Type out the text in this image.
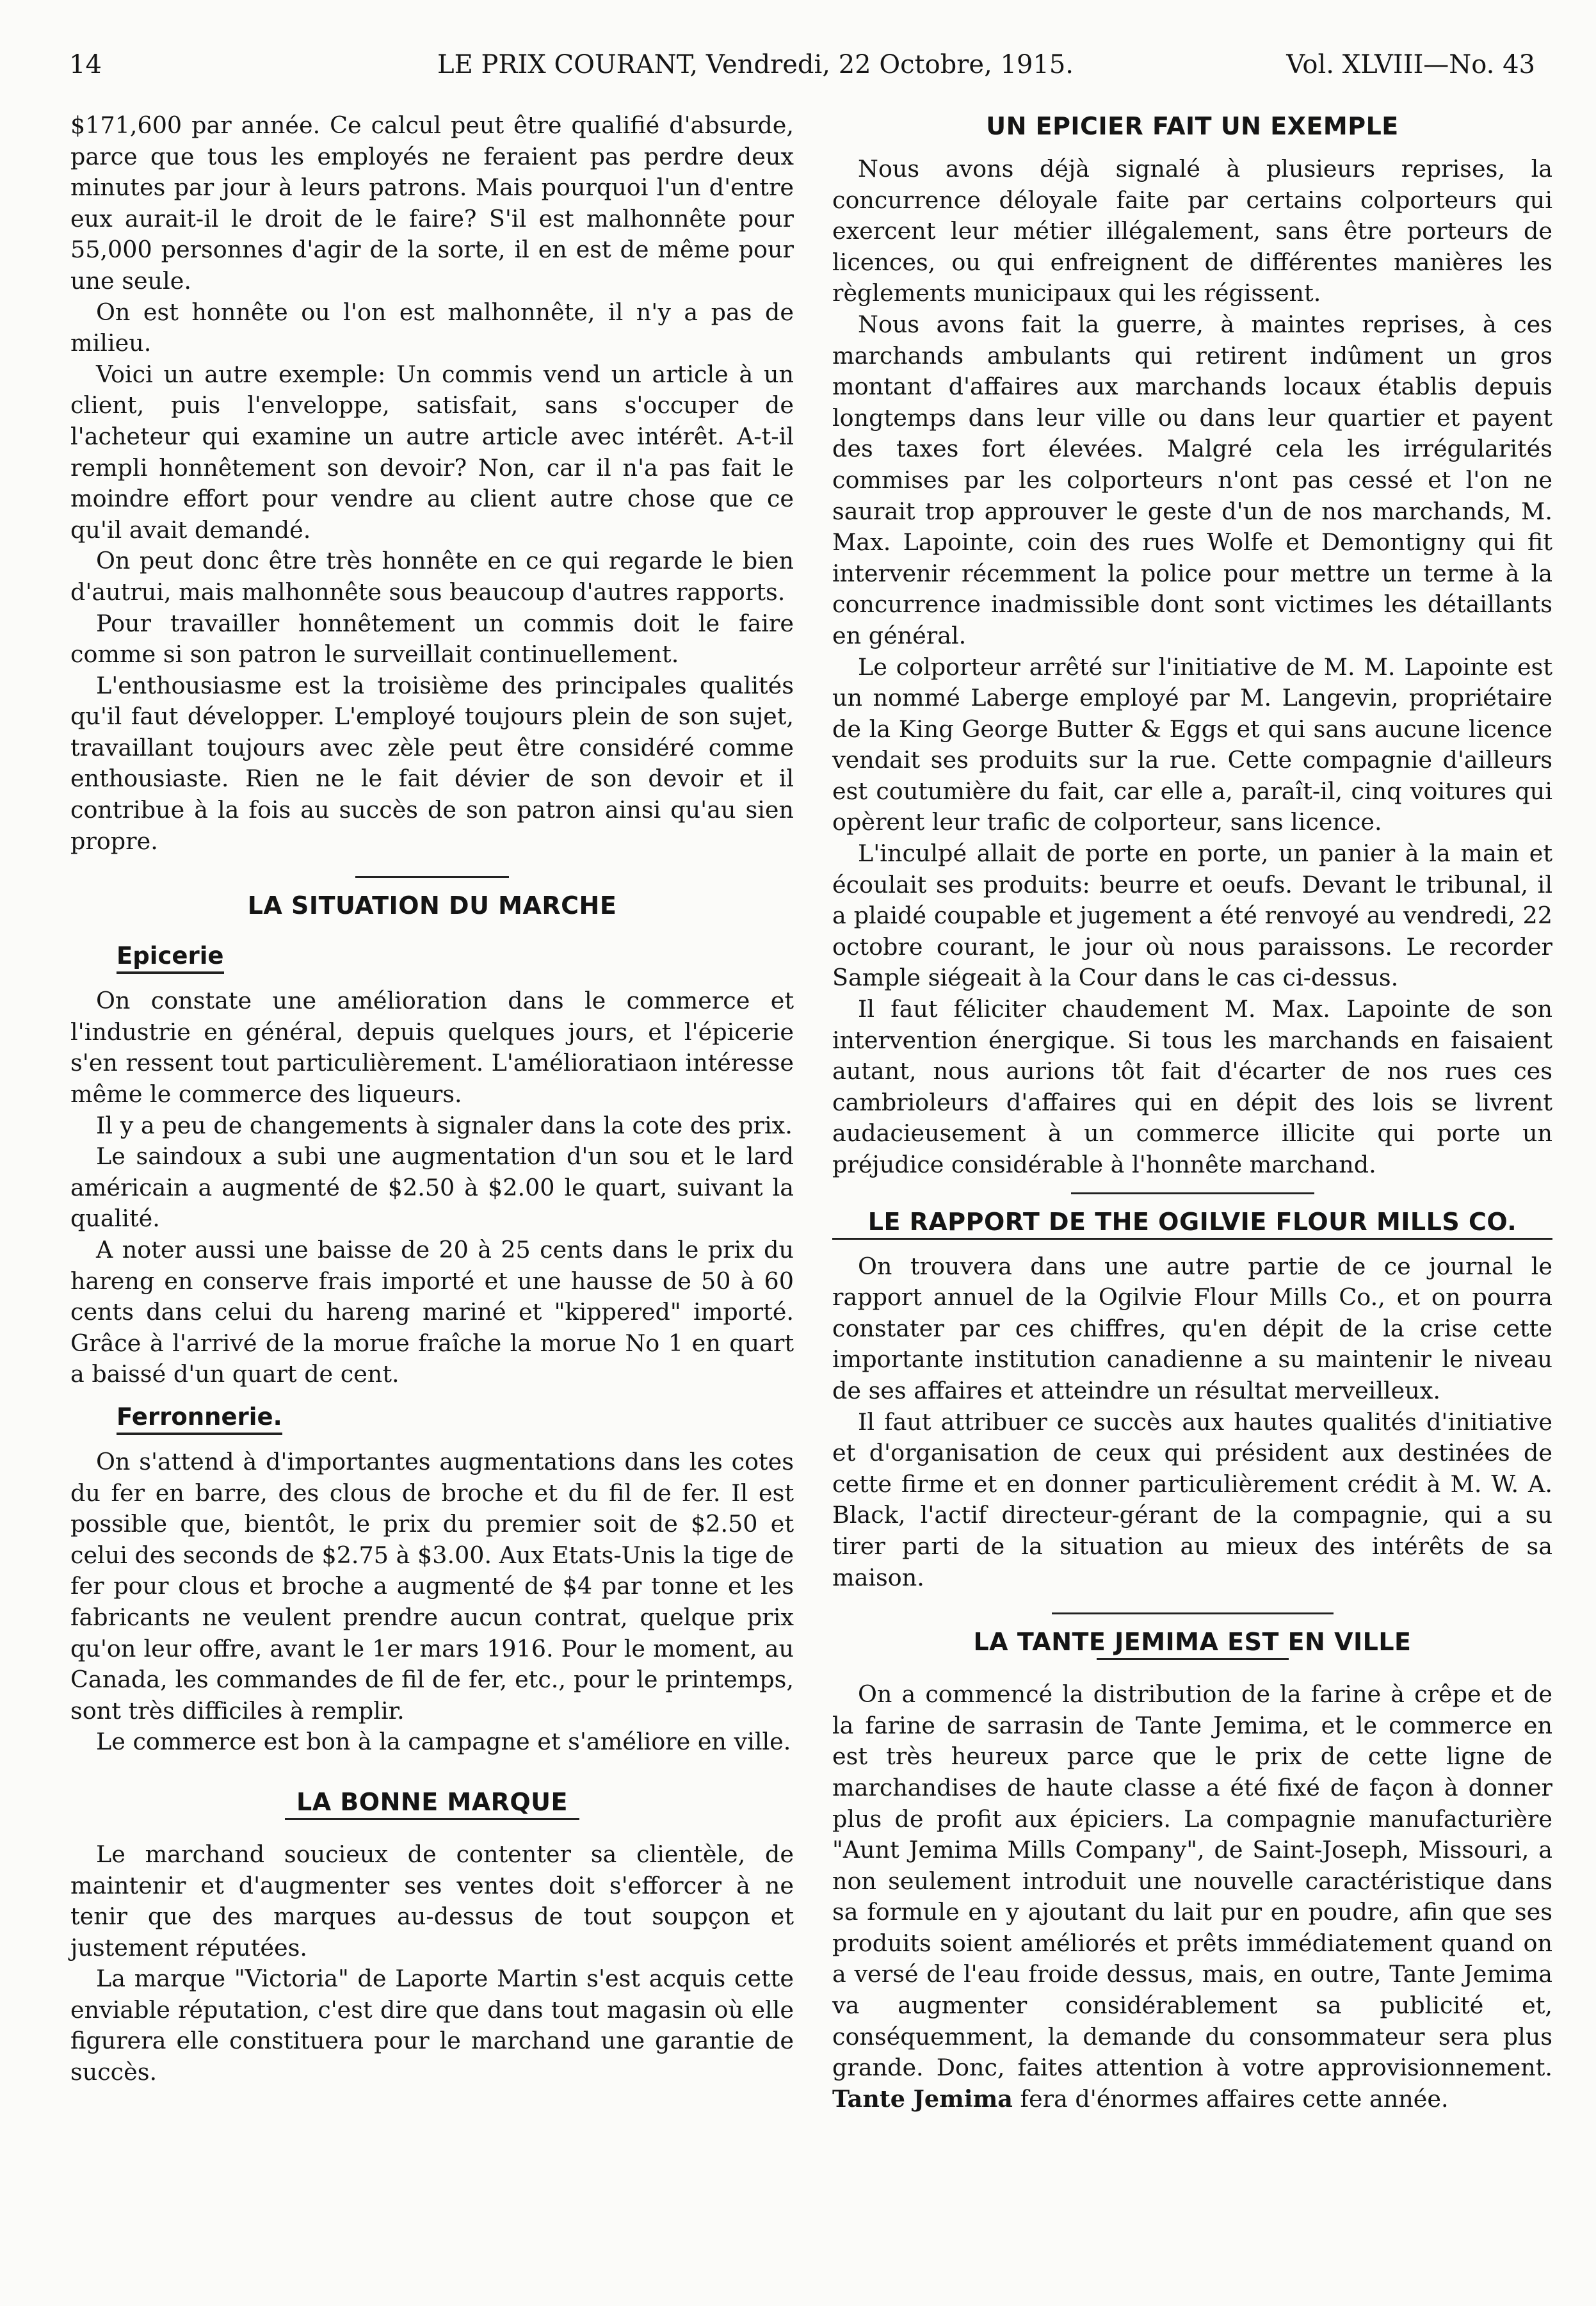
14	LE PRIX COURANT, Vendredi, 22 Octobre, 1915.	Vol. XLVIII—No. 43

$171,600 par année. Ce calcul peut être qualifié d'absurde, parce que tous les employés ne feraient pas perdre deux minutes par jour à leurs patrons. Mais pourquoi l'un d'entre eux aurait-il le droit de le faire? S'il est malhonnête pour 55,000 personnes d'agir de la sorte, il en est de même pour une seule.

On est honnête ou l'on est malhonnête, il n'y a pas de milieu.

Voici un autre exemple: Un commis vend un article à un client, puis l'enveloppe, satisfait, sans s'occuper de l'acheteur qui examine un autre article avec intérêt. A-t-il rempli honnêtement son devoir? Non, car il n'a pas fait le moindre effort pour vendre au client autre chose que ce qu'il avait demandé.

On peut donc être très honnête en ce qui regarde le bien d'autrui, mais malhonnête sous beaucoup d'autres rapports.

Pour travailler honnêtement un commis doit le faire comme si son patron le surveillait continuellement.

L'enthousiasme est la troisième des principales qualités qu'il faut développer. L'employé toujours plein de son sujet, travaillant toujours avec zèle peut être considéré comme enthousiaste. Rien ne le fait dévier de son devoir et il contribue à la fois au succès de son patron ainsi qu'au sien propre.

LA SITUATION DU MARCHE
Epicerie

On constate une amélioration dans le commerce et l'industrie en général, depuis quelques jours, et l'épicerie s'en ressent tout particulièrement. L'amélioratiaon intéresse même le commerce des liqueurs.

Il y a peu de changements à signaler dans la cote des prix.

Le saindoux a subi une augmentation d'un sou et le lard américain a augmenté de $2.50 à $2.00 le quart, suivant la qualité.

A noter aussi une baisse de 20 à 25 cents dans le prix du hareng en conserve frais importé et une hausse de 50 à 60 cents dans celui du hareng mariné et "kippered" importé. Grâce à l'arrivé de la morue fraîche la morue No 1 en quart a baissé d'un quart de cent.

Ferronnerie.

On s'attend à d'importantes augmentations dans les cotes du fer en barre, des clous de broche et du fil de fer. Il est possible que, bientôt, le prix du premier soit de $2.50 et celui des seconds de $2.75 à $3.00. Aux Etats-Unis la tige de fer pour clous et broche a augmenté de $4 par tonne et les fabricants ne veulent prendre aucun contrat, quelque prix qu'on leur offre, avant le 1er mars 1916. Pour le moment, au Canada, les commandes de fil de fer, etc., pour le printemps, sont très difficiles à remplir.

Le commerce est bon à la campagne et s'améliore en ville.

LA BONNE MARQUE

Le marchand soucieux de contenter sa clientèle, de maintenir et d'augmenter ses ventes doit s'efforcer à ne tenir que des marques au-dessus de tout soupçon et justement réputées.

La marque "Victoria" de Laporte Martin s'est acquis cette enviable réputation, c'est dire que dans tout magasin où elle figurera elle constituera pour le marchand une garantie de succès.

UN EPICIER FAIT UN EXEMPLE

Nous avons déjà signalé à plusieurs reprises, la concurrence déloyale faite par certains colporteurs qui exercent leur métier illégalement, sans être porteurs de licences, ou qui enfreignent de différentes manières les règlements municipaux qui les régissent.

Nous avons fait la guerre, à maintes reprises, à ces marchands ambulants qui retirent indûment un gros montant d'affaires aux marchands locaux établis depuis longtemps dans leur ville ou dans leur quartier et payent des taxes fort élevées. Malgré cela les irrégularités commises par les colporteurs n'ont pas cessé et l'on ne saurait trop approuver le geste d'un de nos marchands, M. Max. Lapointe, coin des rues Wolfe et Demontigny qui fit intervenir récemment la police pour mettre un terme à la concurrence inadmissible dont sont victimes les détaillants en général.

Le colporteur arrêté sur l'initiative de M. M. Lapointe est un nommé Laberge employé par M. Langevin, propriétaire de la King George Butter & Eggs et qui sans aucune licence vendait ses produits sur la rue. Cette compagnie d'ailleurs est coutumière du fait, car elle a, paraît-il, cinq voitures qui opèrent leur trafic de colporteur, sans licence.

L'inculpé allait de porte en porte, un panier à la main et écoulait ses produits: beurre et oeufs. Devant le tribunal, il a plaidé coupable et jugement a été renvoyé au vendredi, 22 octobre courant, le jour où nous paraissons. Le recorder Sample siégeait à la Cour dans le cas ci-dessus.

Il faut féliciter chaudement M. Max. Lapointe de son intervention énergique. Si tous les marchands en faisaient autant, nous aurions tôt fait d'écarter de nos rues ces cambrioleurs d'affaires qui en dépit des lois se livrent audacieusement à un commerce illicite qui porte un préjudice considérable à l'honnête marchand.

LE RAPPORT DE THE OGILVIE FLOUR MILLS CO.

On trouvera dans une autre partie de ce journal le rapport annuel de la Ogilvie Flour Mills Co., et on pourra constater par ces chiffres, qu'en dépit de la crise cette importante institution canadienne a su maintenir le niveau de ses affaires et atteindre un résultat merveilleux.

Il faut attribuer ce succès aux hautes qualités d'initiative et d'organisation de ceux qui président aux destinées de cette firme et en donner particulièrement crédit à M. W. A. Black, l'actif directeur-gérant de la compagnie, qui a su tirer parti de la situation au mieux des intérêts de sa maison.

LA TANTE JEMIMA EST EN VILLE

On a commencé la distribution de la farine à crêpe et de la farine de sarrasin de Tante Jemima, et le commerce en est très heureux parce que le prix de cette ligne de marchandises de haute classe a été fixé de façon à donner plus de profit aux épiciers. La compagnie manufacturière "Aunt Jemima Mills Company", de Saint-Joseph, Missouri, a non seulement introduit une nouvelle caractéristique dans sa formule en y ajoutant du lait pur en poudre, afin que ses produits soient améliorés et prêts immédiatement quand on a versé de l'eau froide dessus, mais, en outre, Tante Jemima va augmenter considérablement sa publicité et, conséquemment, la demande du consommateur sera plus grande. Donc, faites attention à votre approvisionnement. Tante Jemima fera d'énormes affaires cette année.
